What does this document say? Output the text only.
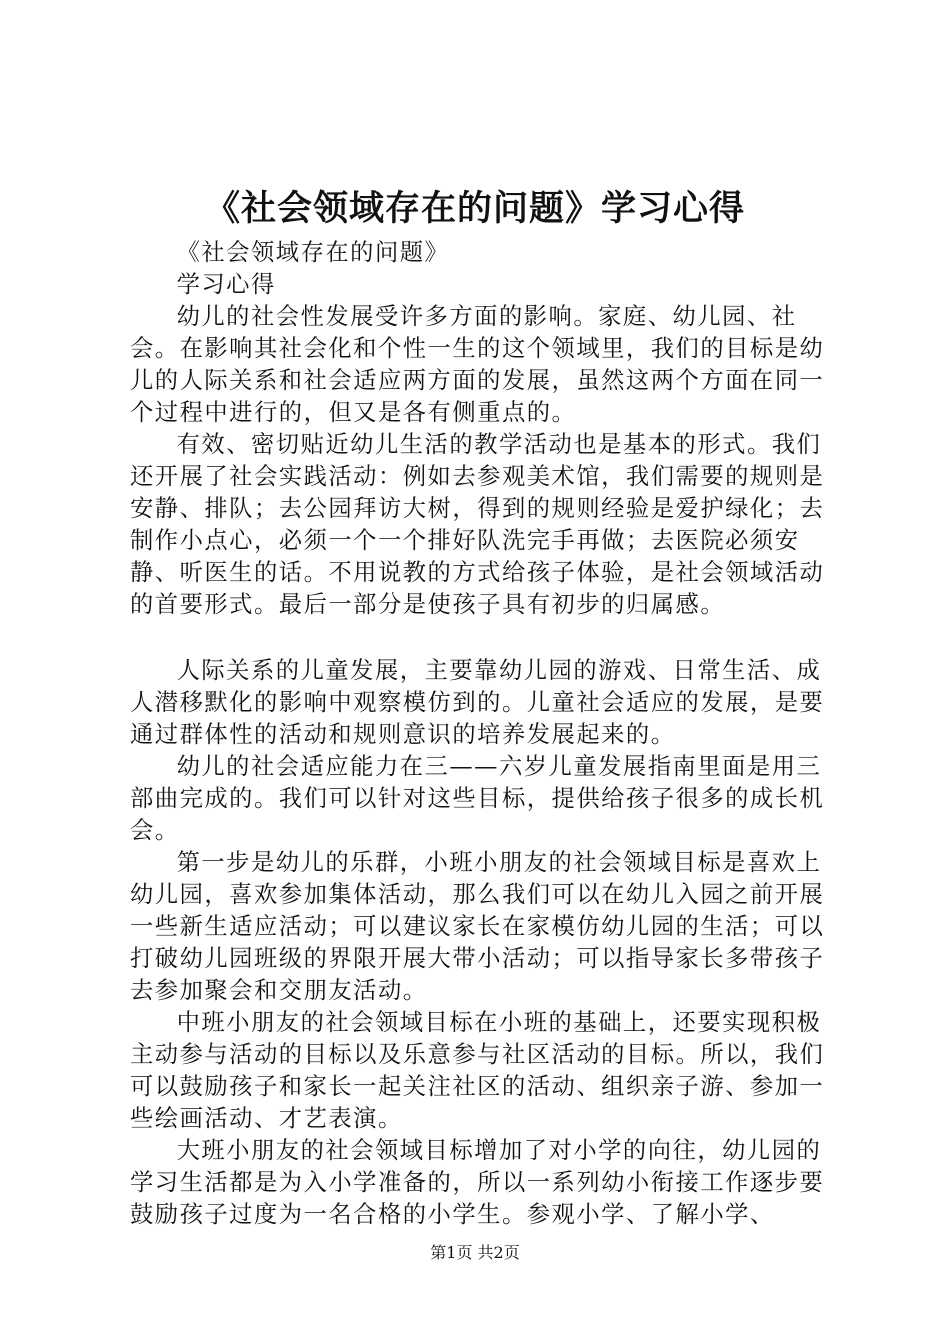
《社会领域存在的问题》学习心得

《社会领域存在的问题》

学习心得

幼儿的社会性发展受许多方面的影响。家庭、幼儿园、社会。在影响其社会化和个性一生的这个领域里，我们的目标是幼儿的人际关系和社会适应两方面的发展，虽然这两个方面在同一个过程中进行的，但又是各有侧重点的。

有效、密切贴近幼儿生活的教学活动也是基本的形式。我们还开展了社会实践活动：例如去参观美术馆，我们需要的规则是安静、排队；去公园拜访大树，得到的规则经验是爱护绿化；去制作小点心，必须一个一个排好队洗完手再做；去医院必须安静、听医生的话。不用说教的方式给孩子体验，是社会领域活动的首要形式。最后一部分是使孩子具有初步的归属感。

人际关系的儿童发展，主要靠幼儿园的游戏、日常生活、成人潜移默化的影响中观察模仿到的。儿童社会适应的发展，是要通过群体性的活动和规则意识的培养发展起来的。

幼儿的社会适应能力在三——六岁儿童发展指南里面是用三部曲完成的。我们可以针对这些目标，提供给孩子很多的成长机会。

第一步是幼儿的乐群，小班小朋友的社会领域目标是喜欢上幼儿园，喜欢参加集体活动，那么我们可以在幼儿入园之前开展一些新生适应活动；可以建议家长在家模仿幼儿园的生活；可以打破幼儿园班级的界限开展大带小活动；可以指导家长多带孩子去参加聚会和交朋友活动。

中班小朋友的社会领域目标在小班的基础上，还要实现积极主动参与活动的目标以及乐意参与社区活动的目标。所以，我们可以鼓励孩子和家长一起关注社区的活动、组织亲子游、参加一些绘画活动、才艺表演。

大班小朋友的社会领域目标增加了对小学的向往，幼儿园的学习生活都是为入小学准备的，所以一系列幼小衔接工作逐步要鼓励孩子过度为一名合格的小学生。参观小学、了解小学、

第1页 共2页
